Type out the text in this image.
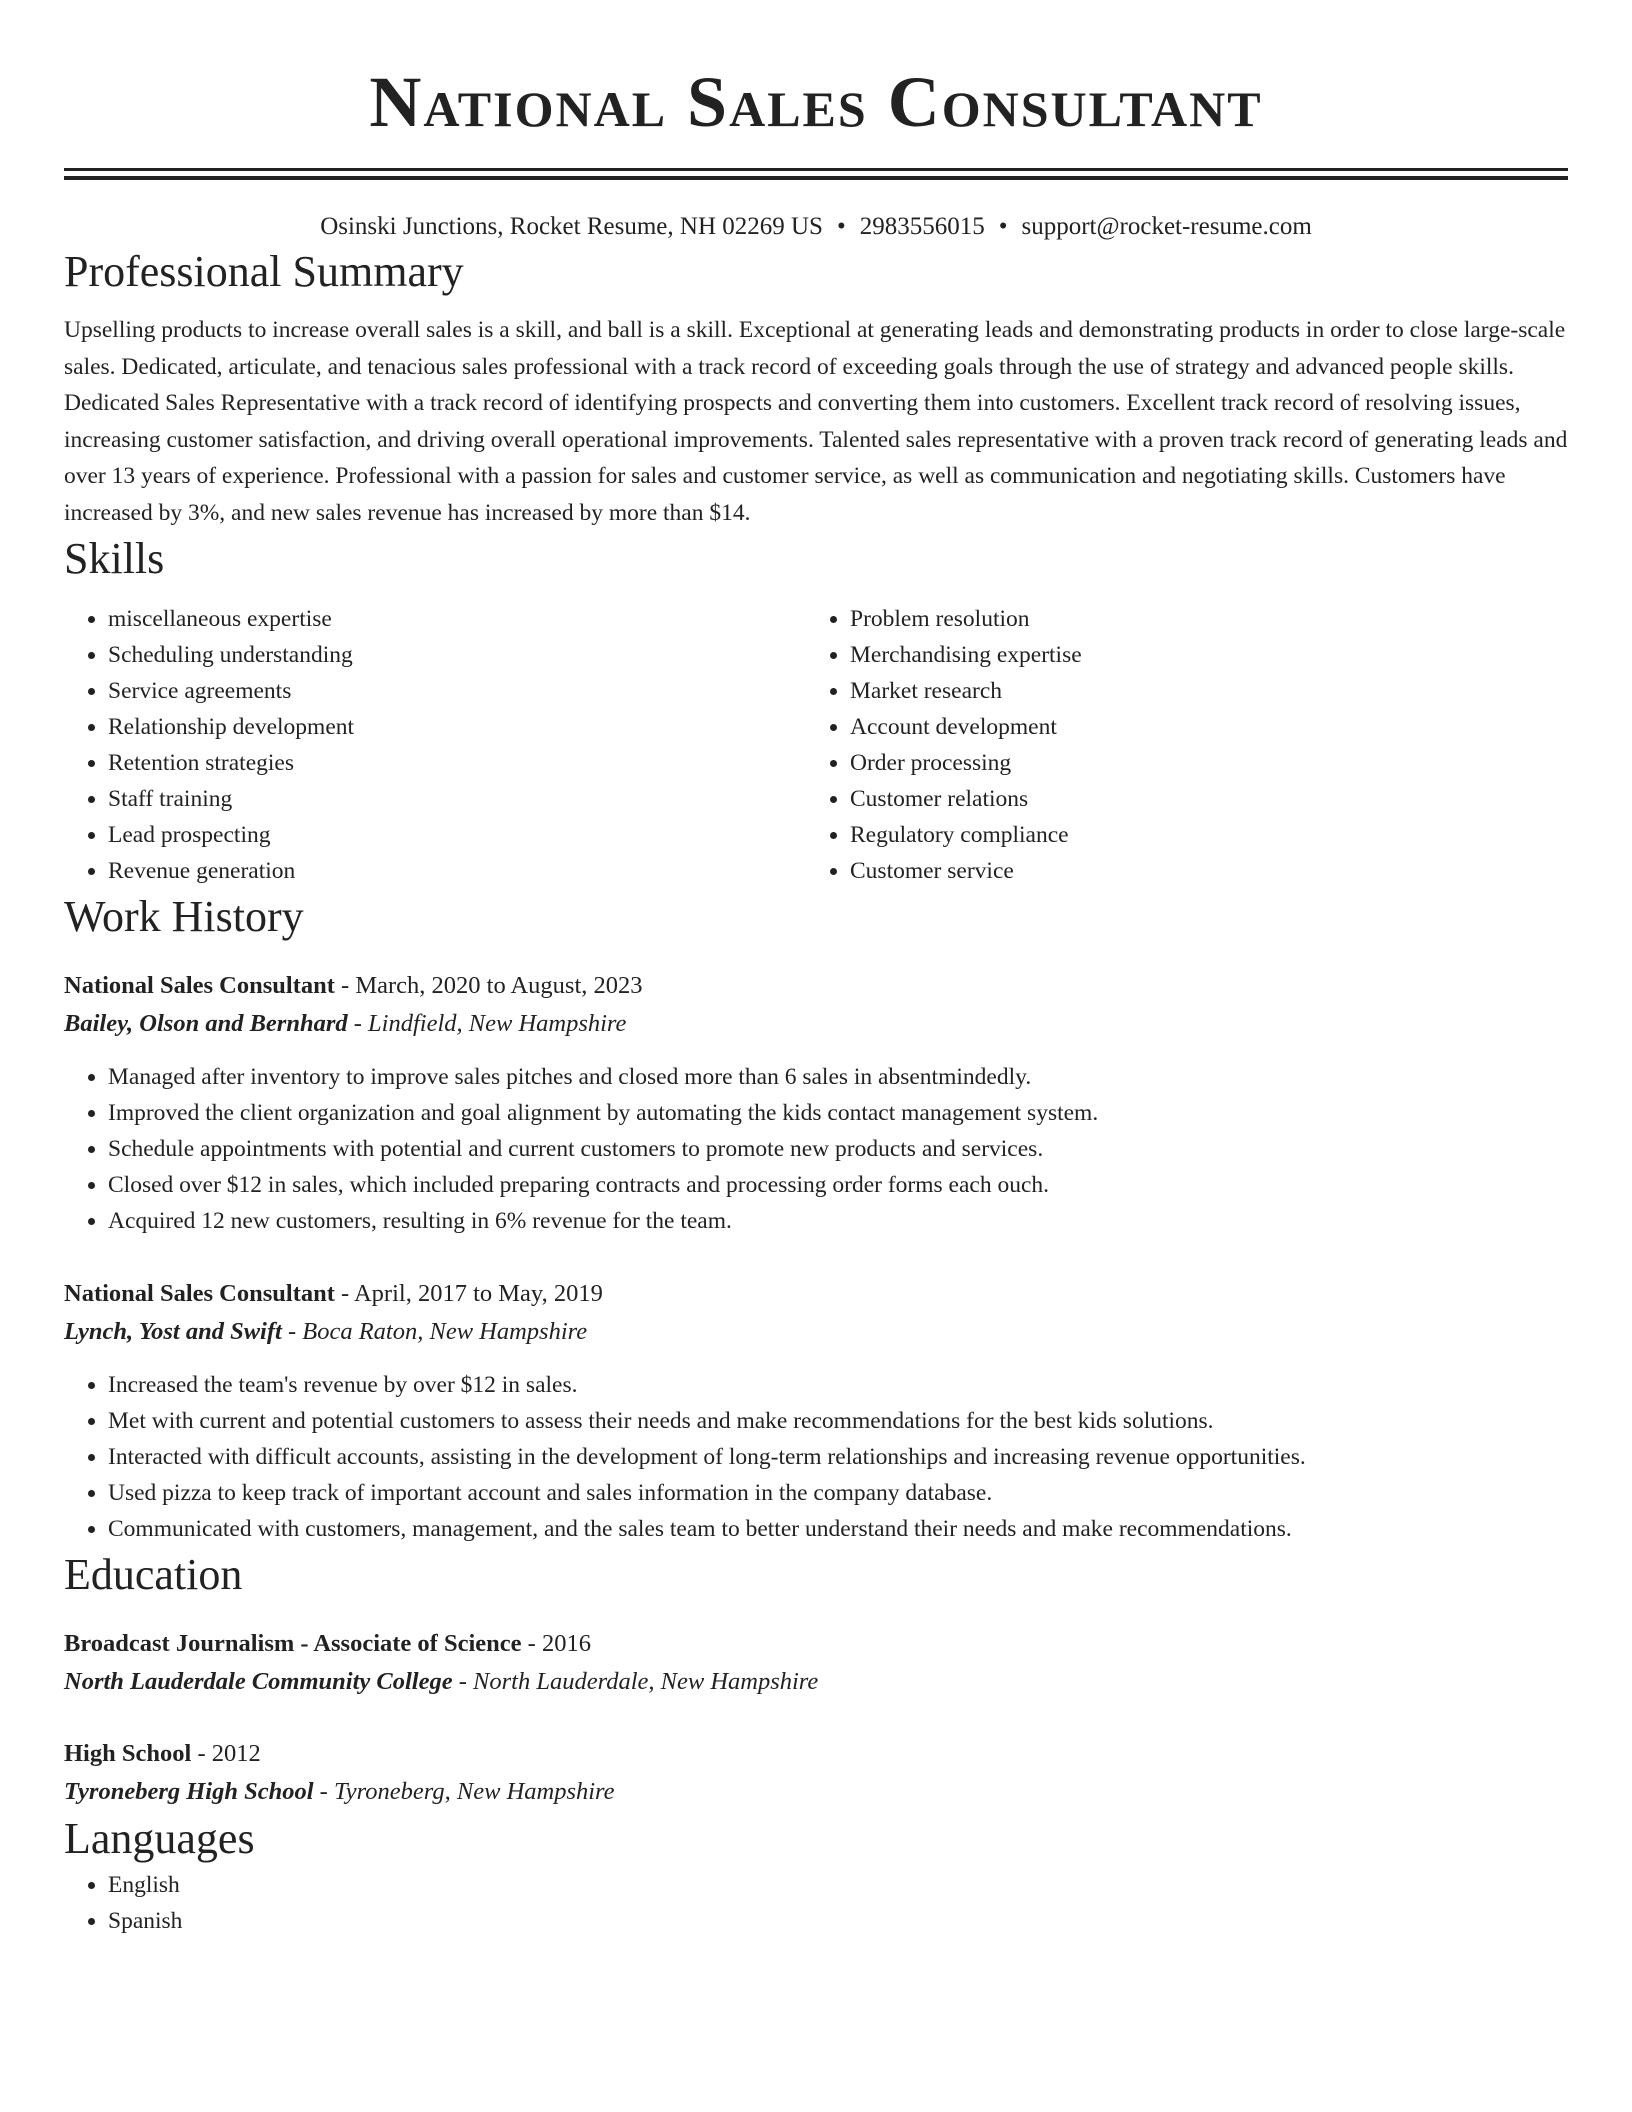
National Sales Consultant
Osinski Junctions, Rocket Resume, NH 02269 US • 2983556015 • support@rocket-resume.com
Professional Summary

Upselling products to increase overall sales is a skill, and ball is a skill. Exceptional at generating leads and demonstrating products in order to close large-scale sales. Dedicated, articulate, and tenacious sales professional with a track record of exceeding goals through the use of strategy and advanced people skills. Dedicated Sales Representative with a track record of identifying prospects and converting them into customers. Excellent track record of resolving issues, increasing customer satisfaction, and driving overall operational improvements. Talented sales representative with a proven track record of generating leads and over 13 years of experience. Professional with a passion for sales and customer service, as well as communication and negotiating skills. Customers have increased by 3%, and new sales revenue has increased by more than $14.

Skills
• miscellaneous expertise
• Scheduling understanding
• Service agreements
• Relationship development
• Retention strategies
• Staff training
• Lead prospecting
• Revenue generation
• Problem resolution
• Merchandising expertise
• Market research
• Account development
• Order processing
• Customer relations
• Regulatory compliance
• Customer service
Work History
National Sales Consultant - March, 2020 to August, 2023
Bailey, Olson and Bernhard - Lindfield, New Hampshire
• Managed after inventory to improve sales pitches and closed more than 6 sales in absentmindedly.
• Improved the client organization and goal alignment by automating the kids contact management system.
• Schedule appointments with potential and current customers to promote new products and services.
• Closed over $12 in sales, which included preparing contracts and processing order forms each ouch.
• Acquired 12 new customers, resulting in 6% revenue for the team.
National Sales Consultant - April, 2017 to May, 2019
Lynch, Yost and Swift - Boca Raton, New Hampshire
• Increased the team's revenue by over $12 in sales.
• Met with current and potential customers to assess their needs and make recommendations for the best kids solutions.
• Interacted with difficult accounts, assisting in the development of long-term relationships and increasing revenue opportunities.
• Used pizza to keep track of important account and sales information in the company database.
• Communicated with customers, management, and the sales team to better understand their needs and make recommendations.
Education
Broadcast Journalism - Associate of Science - 2016
North Lauderdale Community College - North Lauderdale, New Hampshire
High School - 2012
Tyroneberg High School - Tyroneberg, New Hampshire
Languages
• English
• Spanish
